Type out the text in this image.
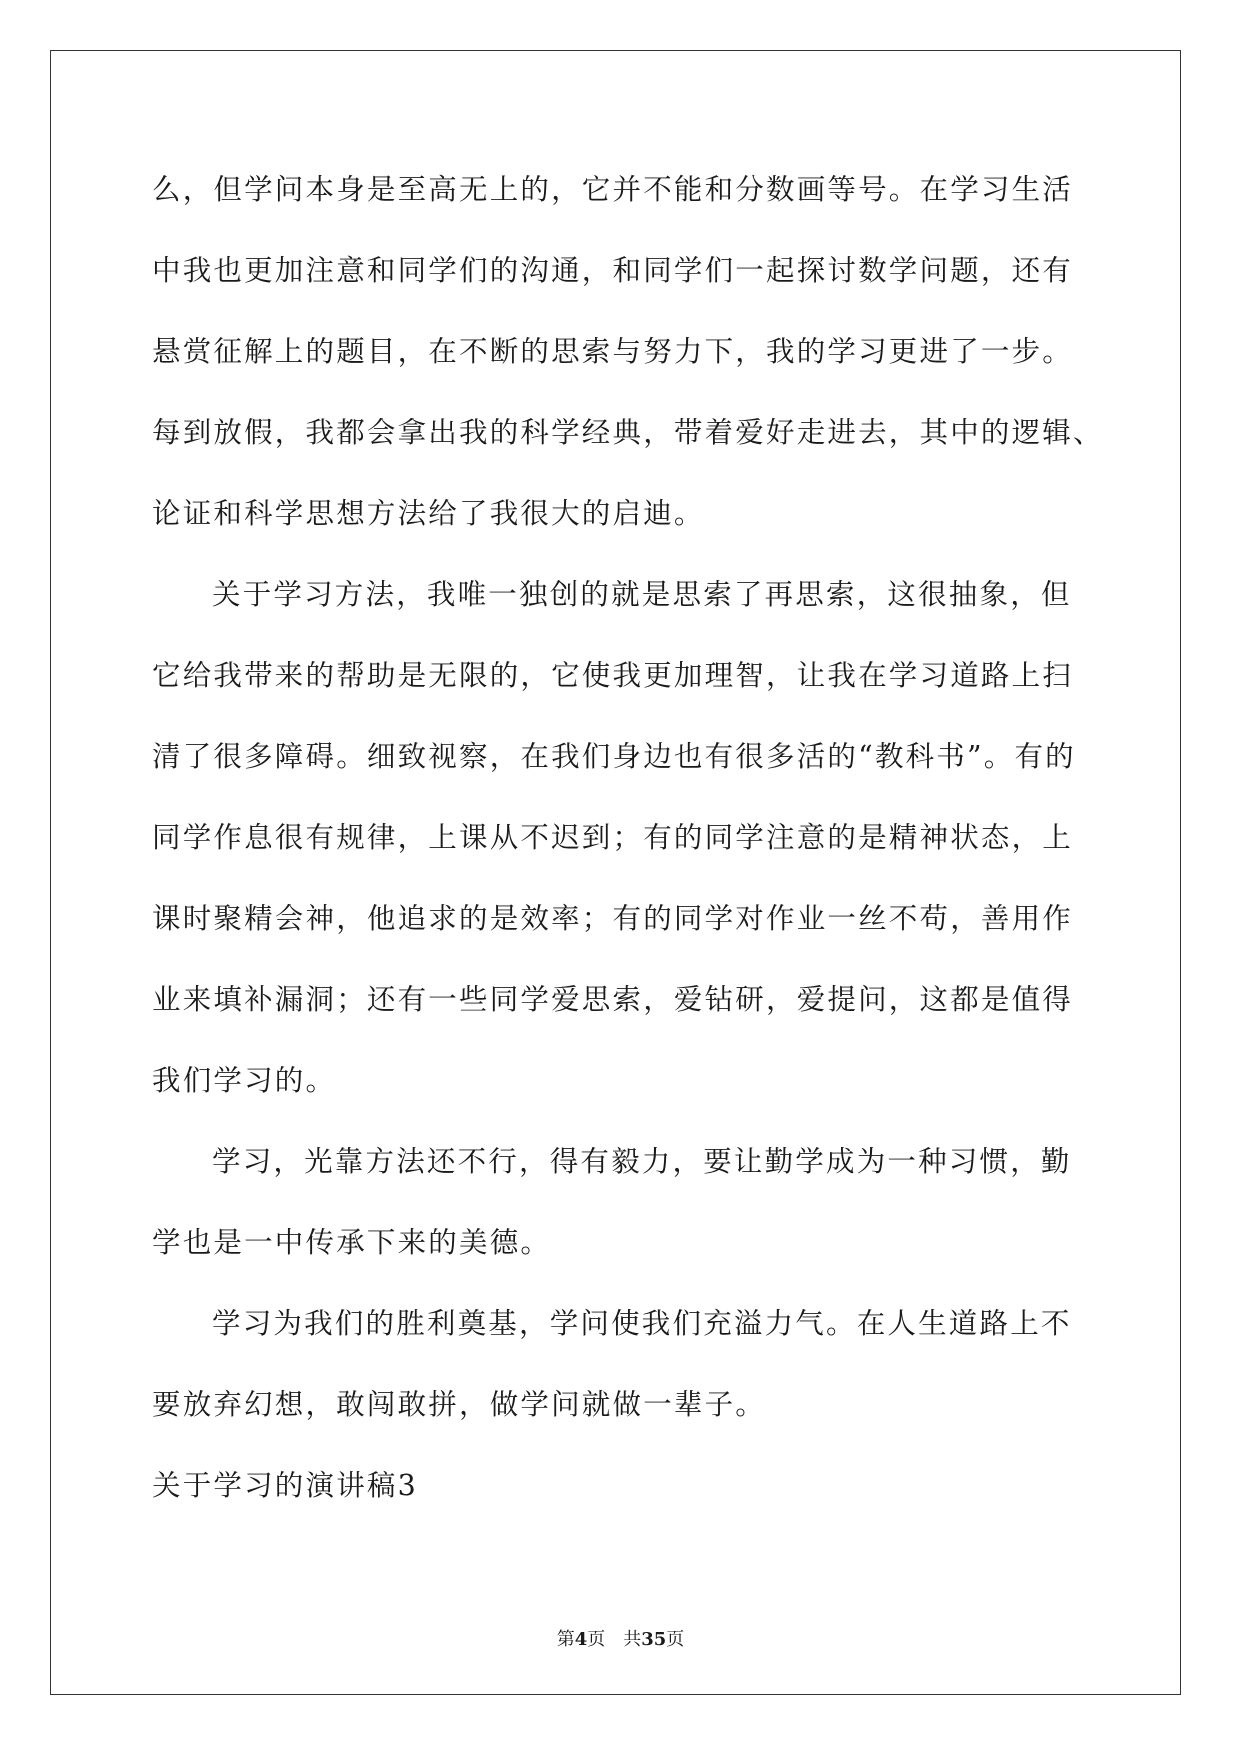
么，但学问本身是至高无上的，它并不能和分数画等号。在学习生活
中我也更加注意和同学们的沟通，和同学们一起探讨数学问题，还有
悬赏征解上的题目，在不断的思索与努力下，我的学习更进了一步。
每到放假，我都会拿出我的科学经典，带着爱好走进去，其中的逻辑、
论证和科学思想方法给了我很大的启迪。
关于学习方法，我唯一独创的就是思索了再思索，这很抽象，但
它给我带来的帮助是无限的，它使我更加理智，让我在学习道路上扫
清了很多障碍。细致视察，在我们身边也有很多活的“教科书”。有的
同学作息很有规律，上课从不迟到；有的同学注意的是精神状态，上
课时聚精会神，他追求的是效率；有的同学对作业一丝不苟，善用作
业来填补漏洞；还有一些同学爱思索，爱钻研，爱提问，这都是值得
我们学习的。
学习，光靠方法还不行，得有毅力，要让勤学成为一种习惯，勤
学也是一中传承下来的美德。
学习为我们的胜利奠基，学问使我们充溢力气。在人生道路上不
要放弃幻想，敢闯敢拼，做学问就做一辈子。
关于学习的演讲稿3
第4页 共35页
